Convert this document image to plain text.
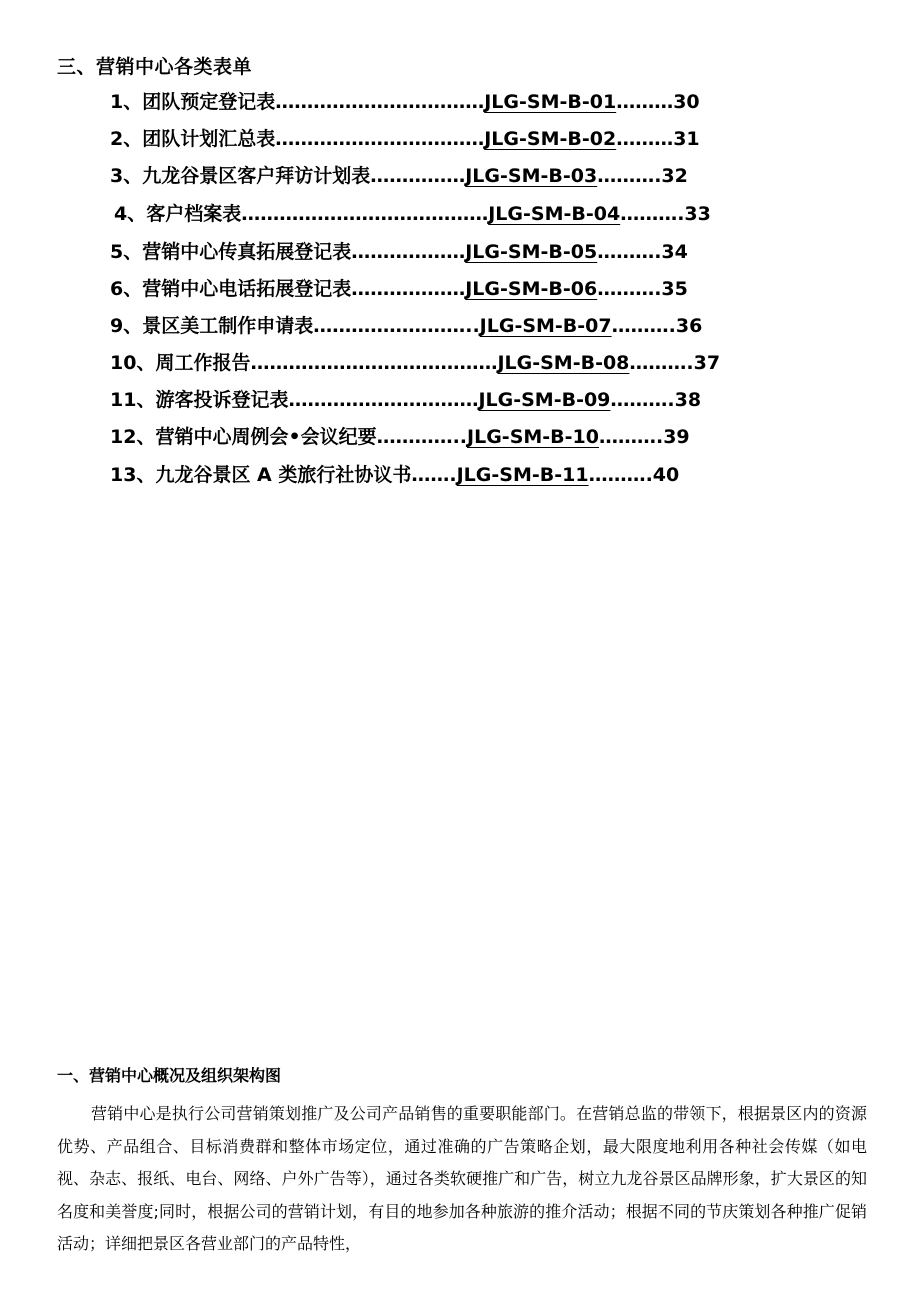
三、营销中心各类表单
1、团队预定登记表……………………………JLG-SM-B-01………30
2、团队计划汇总表……………………………JLG-SM-B-02………31
3、九龙谷景区客户拜访计划表……………JLG-SM-B-03……….32
4、客户档案表…………………………………JLG-SM-B-04……….33
5、营销中心传真拓展登记表………………JLG-SM-B-05……….34
6、营销中心电话拓展登记表………………JLG-SM-B-06……….35
9、景区美工制作申请表……………………..JLG-SM-B-07……….36
10、周工作报告…………………………………JLG-SM-B-08……….37
11、游客投诉登记表…………………………JLG-SM-B-09……….38
12、营销中心周例会•会议纪要…………..JLG-SM-B-10……….39
13、九龙谷景区 A 类旅行社协议书…….JLG-SM-B-11……….40
一、营销中心概况及组织架构图
营销中心是执行公司营销策划推广及公司产品销售的重要职能部门。在营销总监的带领下，根据景区内的资源优势、产品组合、目标消费群和整体市场定位，通过准确的广告策略企划，最大限度地利用各种社会传媒（如电视、杂志、报纸、电台、网络、户外广告等），通过各类软硬推广和广告，树立九龙谷景区品牌形象，扩大景区的知名度和美誉度;同时，根据公司的营销计划，有目的地参加各种旅游的推介活动；根据不同的节庆策划各种推广促销活动；详细把景区各营业部门的产品特性，
